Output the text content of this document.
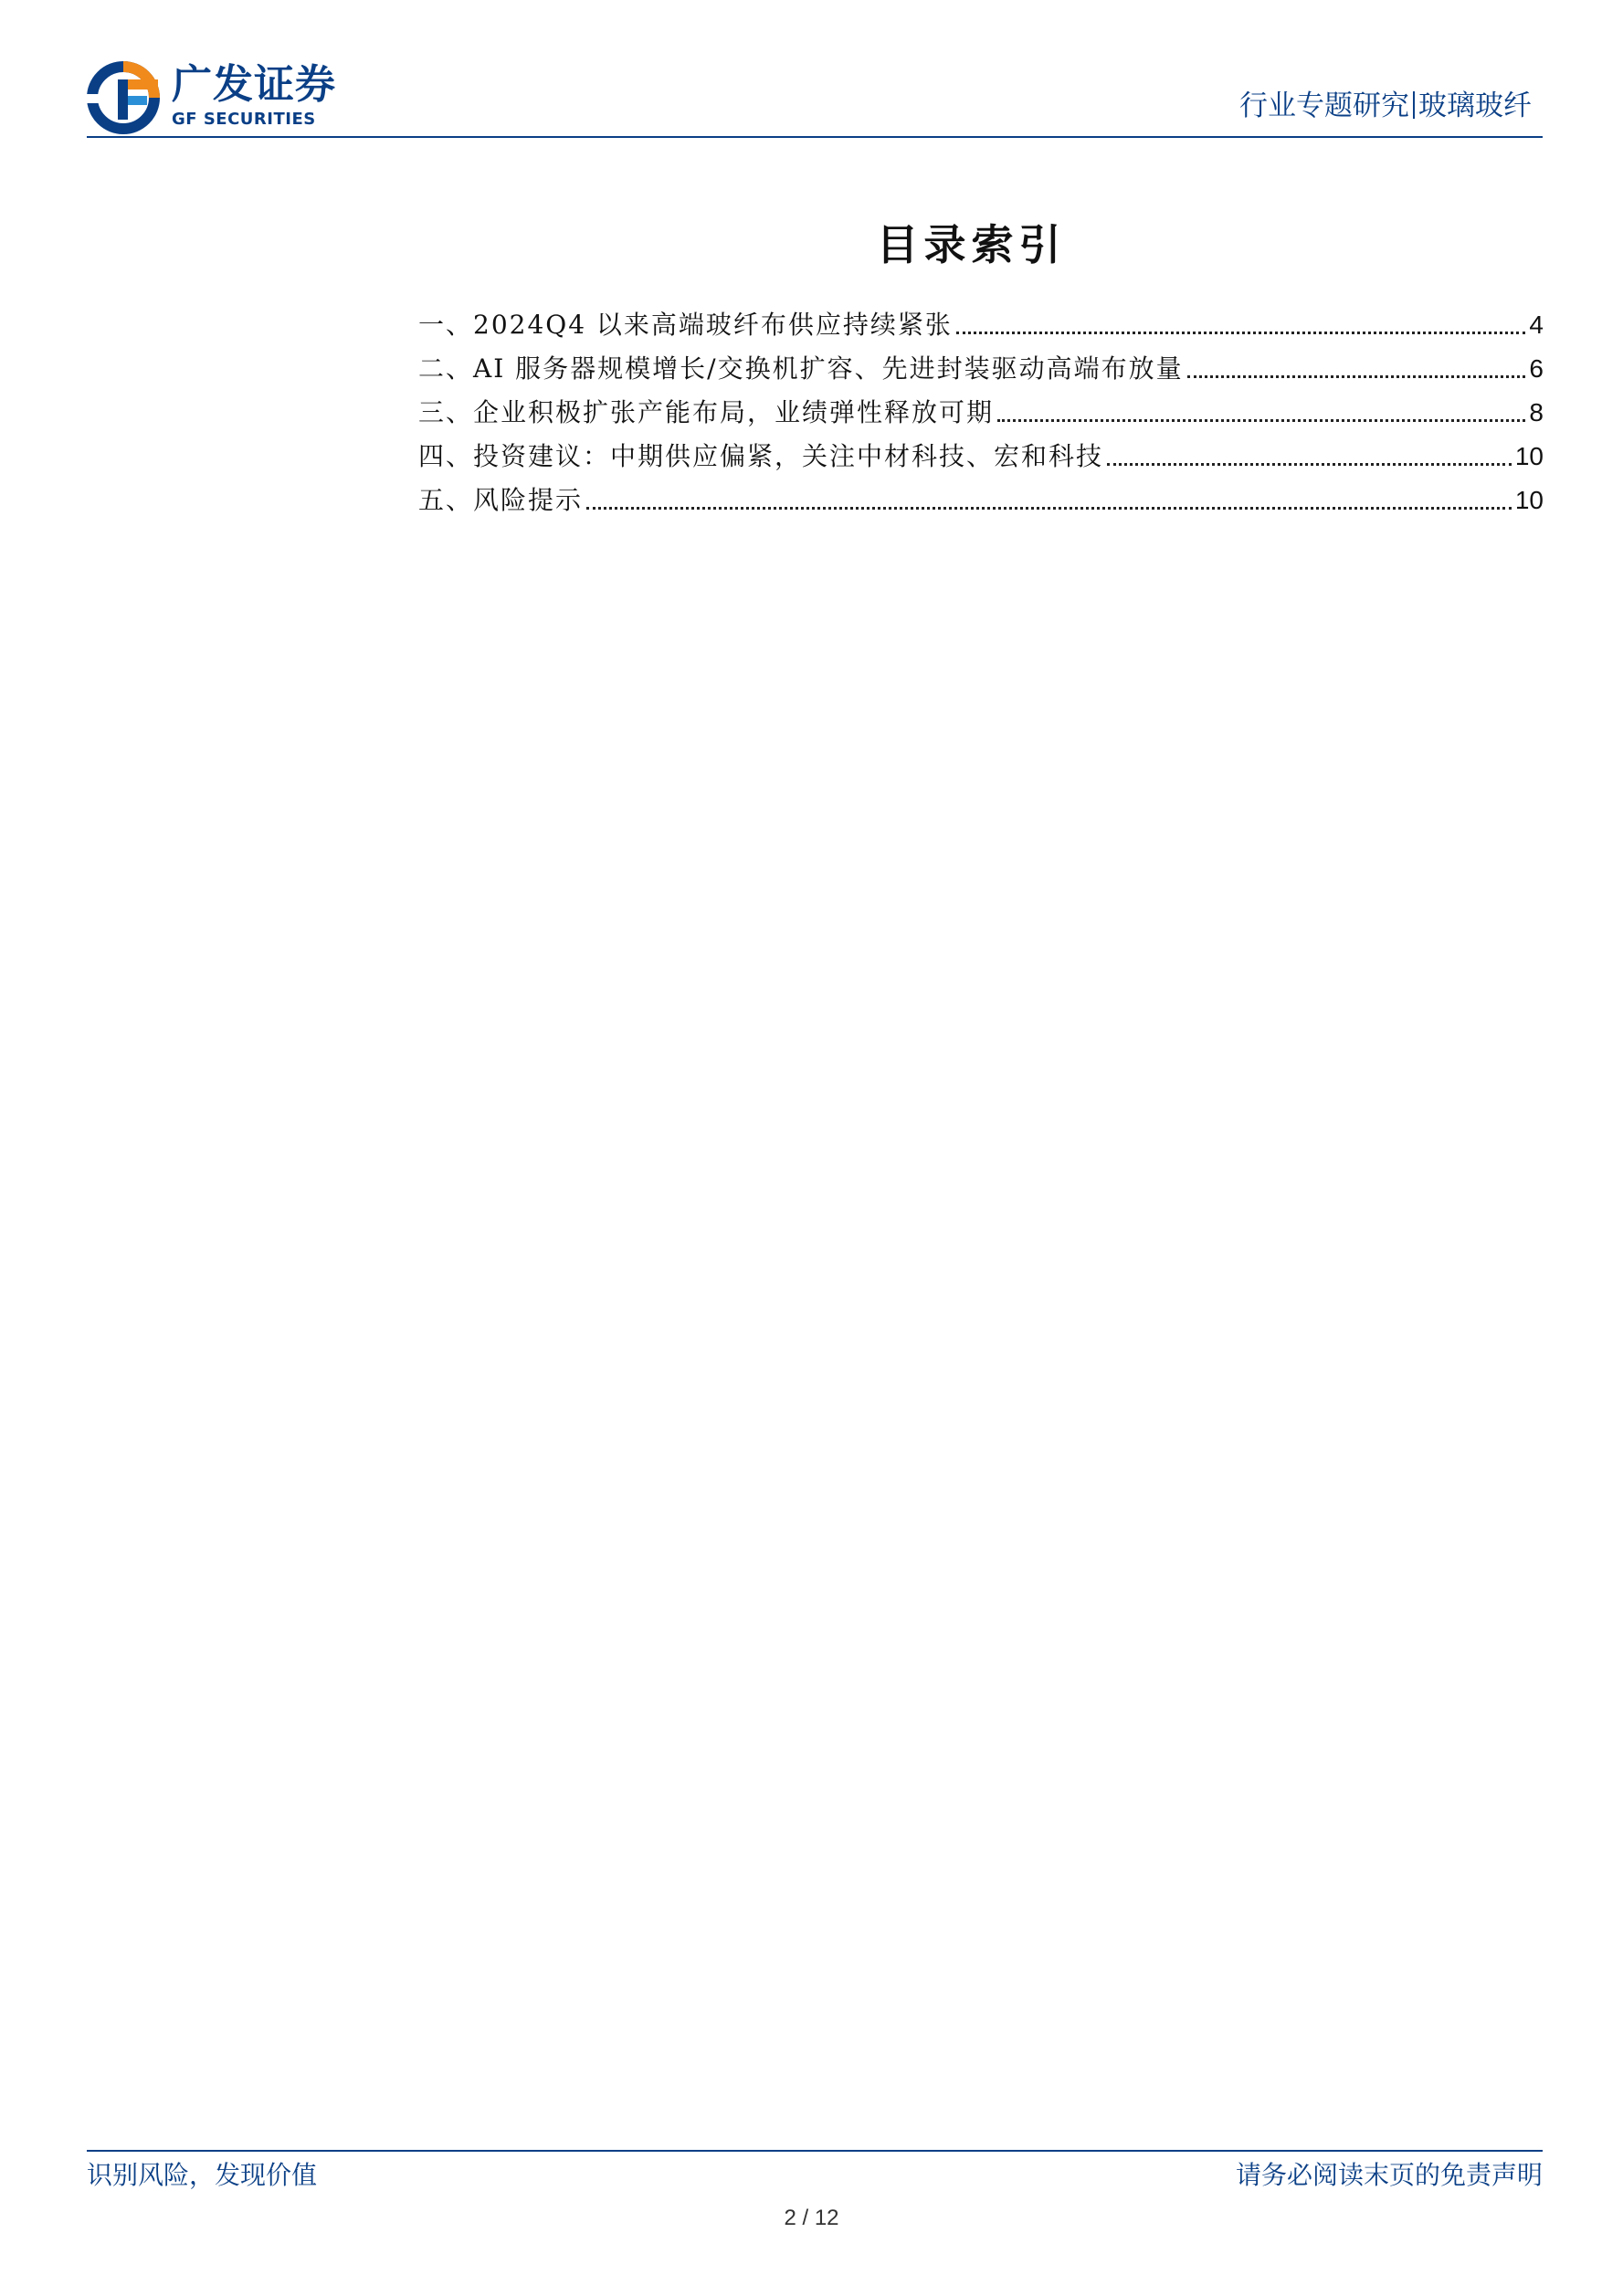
广发证券
GF SECURITIES	行业专题研究 玻璃玻纤
目录索引
一、2024Q4 以来高端玻纤布供应持续紧张	4
二、AI 服务器规模增长/交换机扩容、先进封装驱动高端布放量	6
三、企业积极扩张产能布局，业绩弹性释放可期	8
四、投资建议：中期供应偏紧，关注中材科技、宏和科技	10
五、风险提示	10
识别风险，发现价值	请务必阅读末页的免责声明
2 / 12
